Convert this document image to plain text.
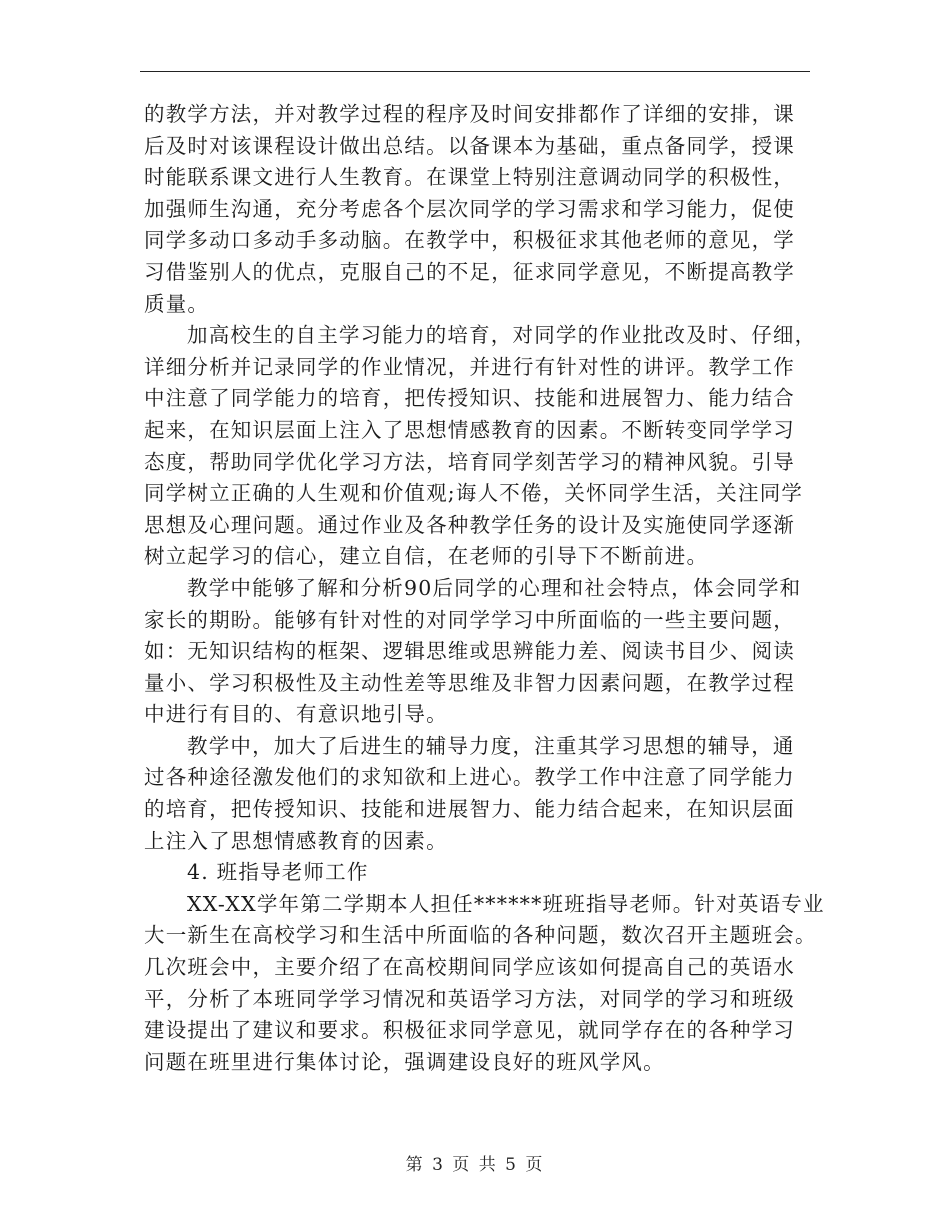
的教学方法，并对教学过程的程序及时间安排都作了详细的安排，课
后及时对该课程设计做出总结。以备课本为基础，重点备同学，授课
时能联系课文进行人生教育。在课堂上特别注意调动同学的积极性，
加强师生沟通，充分考虑各个层次同学的学习需求和学习能力，促使
同学多动口多动手多动脑。在教学中，积极征求其他老师的意见，学
习借鉴别人的优点，克服自己的不足，征求同学意见，不断提高教学
质量。

加高校生的自主学习能力的培育，对同学的作业批改及时、仔细，
详细分析并记录同学的作业情况，并进行有针对性的讲评。教学工作
中注意了同学能力的培育，把传授知识、技能和进展智力、能力结合
起来，在知识层面上注入了思想情感教育的因素。不断转变同学学习
态度，帮助同学优化学习方法，培育同学刻苦学习的精神风貌。引导
同学树立正确的人生观和价值观;诲人不倦，关怀同学生活，关注同学
思想及心理问题。通过作业及各种教学任务的设计及实施使同学逐渐
树立起学习的信心，建立自信，在老师的引导下不断前进。

教学中能够了解和分析90后同学的心理和社会特点，体会同学和
家长的期盼。能够有针对性的对同学学习中所面临的一些主要问题，
如：无知识结构的框架、逻辑思维或思辨能力差、阅读书目少、阅读
量小、学习积极性及主动性差等思维及非智力因素问题，在教学过程
中进行有目的、有意识地引导。

教学中，加大了后进生的辅导力度，注重其学习思想的辅导，通
过各种途径激发他们的求知欲和上进心。教学工作中注意了同学能力
的培育，把传授知识、技能和进展智力、能力结合起来，在知识层面
上注入了思想情感教育的因素。

4. 班指导老师工作

XX-XX学年第二学期本人担任******班班指导老师。针对英语专业
大一新生在高校学习和生活中所面临的各种问题，数次召开主题班会。
几次班会中，主要介绍了在高校期间同学应该如何提高自己的英语水
平，分析了本班同学学习情况和英语学习方法，对同学的学习和班级
建设提出了建议和要求。积极征求同学意见，就同学存在的各种学习
问题在班里进行集体讨论，强调建设良好的班风学风。

第 3 页 共 5 页
